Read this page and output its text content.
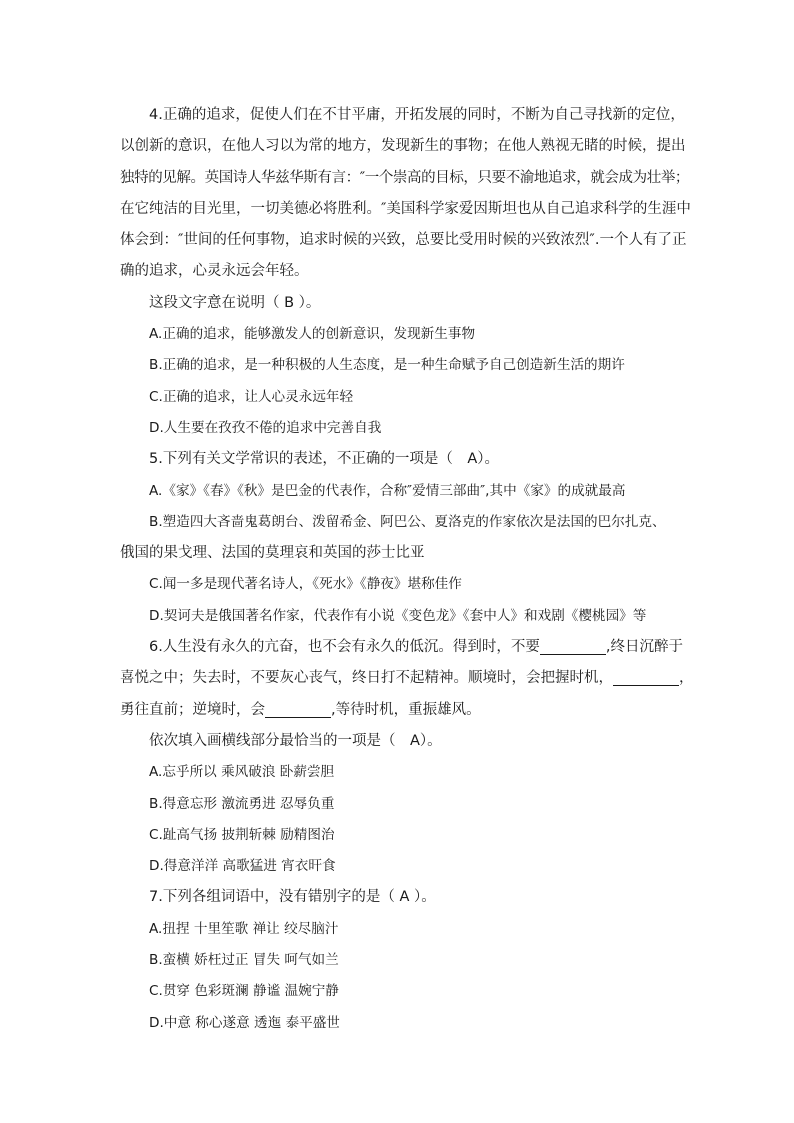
4.正确的追求，促使人们在不甘平庸，开拓发展的同时，不断为自己寻找新的定位，

以创新的意识，在他人习以为常的地方，发现新生的事物；在他人熟视无睹的时候，提出

独特的见解。英国诗人华兹华斯有言：″一个崇高的目标，只要不渝地追求，就会成为壮举；

在它纯洁的目光里，一切美德必将胜利。″美国科学家爱因斯坦也从自己追求科学的生涯中

体会到：″世间的任何事物，追求时候的兴致，总要比受用时候的兴致浓烈″.一个人有了正

确的追求，心灵永远会年轻。

这段文字意在说明（ B ）。

A.正确的追求，能够激发人的创新意识，发现新生事物

B.正确的追求，是一种积极的人生态度，是一种生命赋予自己创造新生活的期许

C.正确的追求，让人心灵永远年轻

D.人生要在孜孜不倦的追求中完善自我

5.下列有关文学常识的表述，不正确的一项是（　A）。

A.《家》《春》《秋》是巴金的代表作，合称″爱情三部曲″,其中《家》的成就最高

B.塑造四大吝啬鬼葛朗台、泼留希金、阿巴公、夏洛克的作家依次是法国的巴尔扎克、

俄国的果戈理、法国的莫理哀和英国的莎士比亚

C.闻一多是现代著名诗人，《死水》《静夜》堪称佳作

D.契诃夫是俄国著名作家，代表作有小说《变色龙》《套中人》和戏剧《樱桃园》等

6.人生没有永久的亢奋，也不会有永久的低沉。得到时，不要	,终日沉醉于

喜悦之中；失去时，不要灰心丧气，终日打不起精神。顺境时，会把握时机，	，

勇往直前；逆境时，会	,等待时机，重振雄风。

依次填入画横线部分最恰当的一项是（　A）。

A.忘乎所以 乘风破浪 卧薪尝胆

B.得意忘形 激流勇进 忍辱负重

C.趾高气扬 披荆斩棘 励精图治

D.得意洋洋 高歌猛进 宵衣旰食

7.下列各组词语中，没有错别字的是（ A ）。

A.扭捏 十里笙歌 禅让 绞尽脑汁

B.蛮横 娇枉过正 冒失 呵气如兰

C.贯穿 色彩斑澜 静谧 温婉宁静

D.中意 称心遂意 透迤 泰平盛世
